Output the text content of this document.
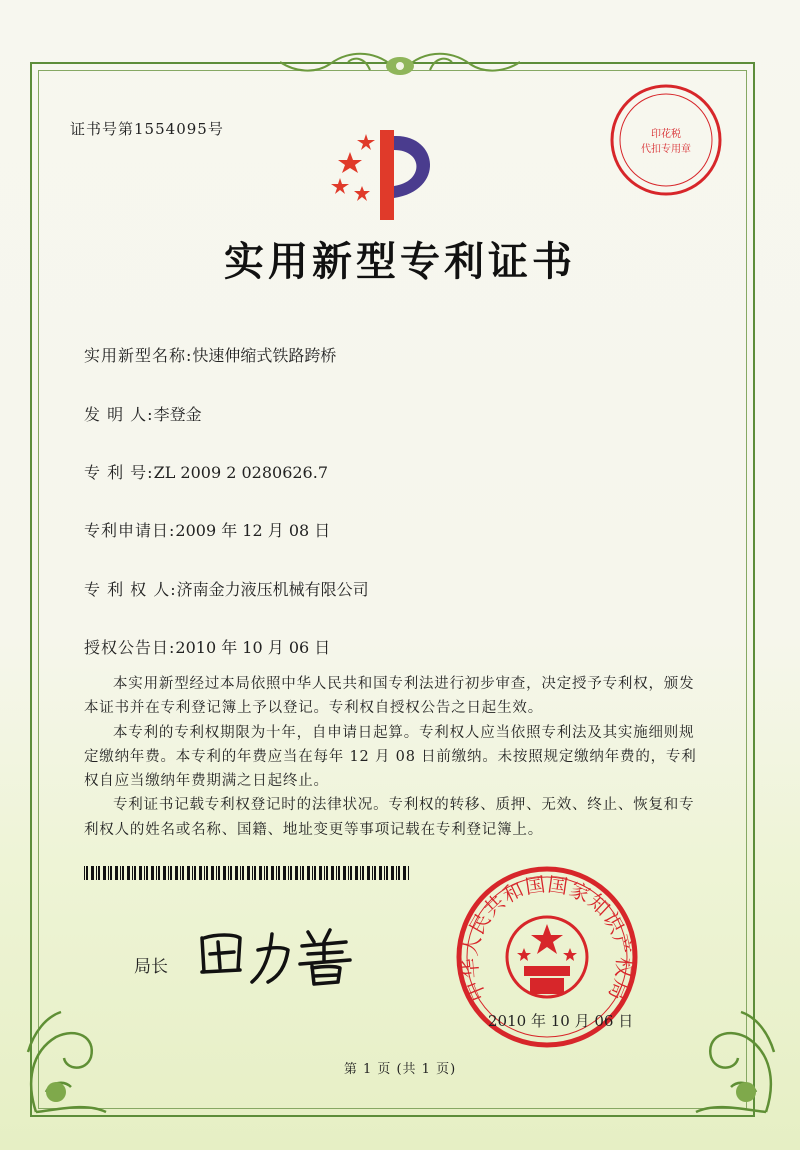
证书号第1554095号	印花税
代扣专用章
实用新型专利证书
实用新型名称:快速伸缩式铁路跨桥
发 明 人:李登金
专 利 号:ZL 2009 2 0280626.7
专利申请日:2009 年 12 月 08 日
专 利 权 人:济南金力液压机械有限公司
授权公告日:2010 年 10 月 06 日

本实用新型经过本局依照中华人民共和国专利法进行初步审查，决定授予专利权，颁发本证书并在专利登记簿上予以登记。专利权自授权公告之日起生效。

本专利的专利权期限为十年，自申请日起算。专利权人应当依照专利法及其实施细则规定缴纳年费。本专利的年费应当在每年 12 月 08 日前缴纳。未按照规定缴纳年费的，专利权自应当缴纳年费期满之日起终止。

专利证书记载专利权登记时的法律状况。专利权的转移、质押、无效、终止、恢复和专利权人的姓名或名称、国籍、地址变更等事项记载在专利登记簿上。

局长
中华人民共和国国家知识产权局
2010 年 10 月 06 日
第 1 页 (共 1 页)
